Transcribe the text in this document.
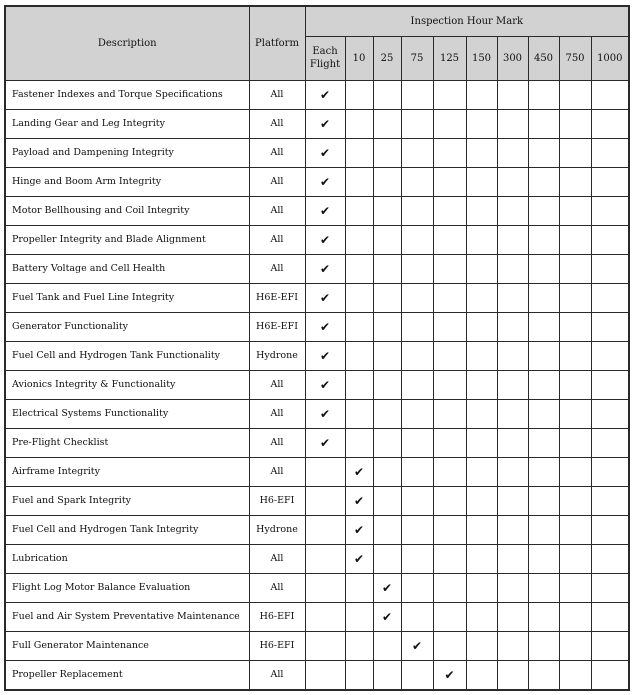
Description	Platform	Inspection Hour Mark									
		Each
Flight	10	25	75	125	150	300	450	750	1000
Fastener Indexes and Torque Specifications	All	✔									
Landing Gear and Leg Integrity	All	✔									
Payload and Dampening Integrity	All	✔									
Hinge and Boom Arm Integrity	All	✔									
Motor Bellhousing and Coil Integrity	All	✔									
Propeller Integrity and Blade Alignment	All	✔									
Battery Voltage and Cell Health	All	✔									
Fuel Tank and Fuel Line Integrity	H6E-EFI	✔									
Generator Functionality	H6E-EFI	✔									
Fuel Cell and Hydrogen Tank Functionality	Hydrone	✔									
Avionics Integrity & Functionality	All	✔									
Electrical Systems Functionality	All	✔									
Pre-Flight Checklist	All	✔									
Airframe Integrity	All		✔								
Fuel and Spark Integrity	H6-EFI		✔								
Fuel Cell and Hydrogen Tank Integrity	Hydrone		✔								
Lubrication	All		✔								
Flight Log Motor Balance Evaluation	All			✔							
Fuel and Air System Preventative Maintenance	H6-EFI			✔							
Full Generator Maintenance	H6-EFI				✔						
Propeller Replacement	All					✔					
